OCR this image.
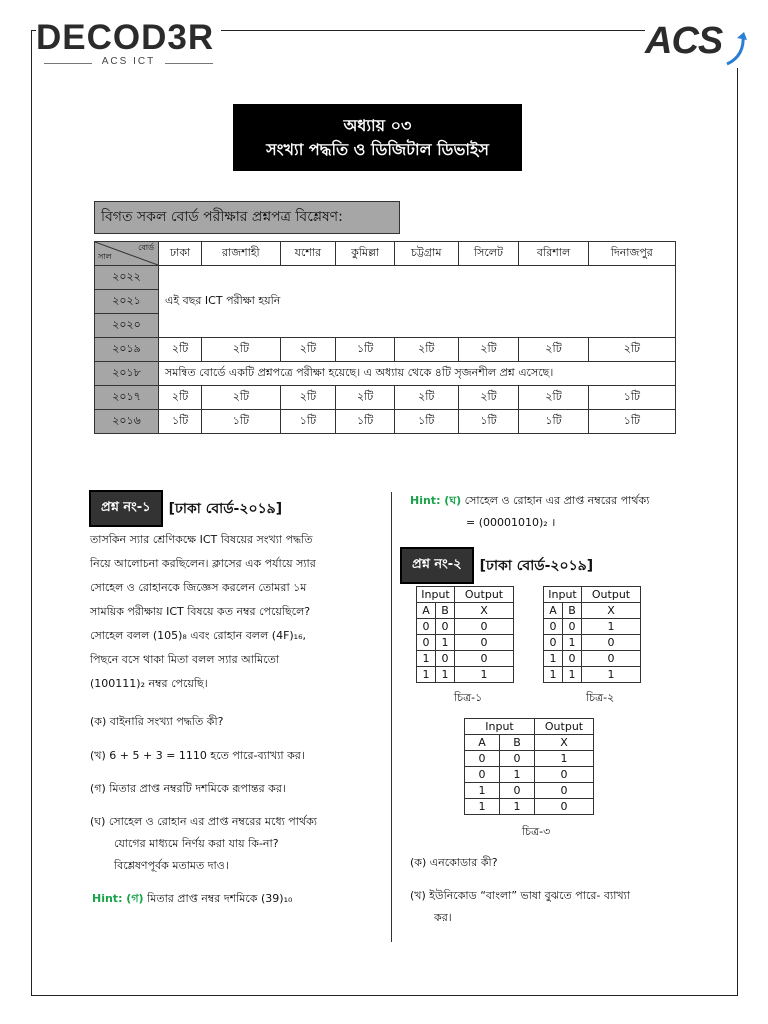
DECOD3R
ACS ICT	ACS
অধ্যায় ০৩
সংখ্যা পদ্ধতি ও ডিজিটাল ডিভাইস
বিগত সকল বোর্ড পরীক্ষার প্রশ্নপত্র বিশ্লেষণ:
বোর্ড
সাল	ঢাকা	রাজশাহী	যশোর	কুমিল্লা	চট্টগ্রাম	সিলেট	বরিশাল	দিনাজপুর
২০২২	এই বছর ICT পরীক্ষা হয়নি							
২০২১								
২০২০								
২০১৯	২টি	২টি	২টি	১টি	২টি	২টি	২টি	২টি
২০১৮	সমন্বিত বোর্ডে একটি প্রশ্নপত্রে পরীক্ষা হয়েছে। এ অধ্যায় থেকে ৪টি সৃজনশীল প্রশ্ন এসেছে।							
২০১৭	২টি	২টি	২টি	২টি	২টি	২টি	২টি	১টি
২০১৬	১টি	১টি	১টি	১টি	১টি	১টি	১টি	১টি
প্রশ্ন নং-১	[ঢাকা বোর্ড-২০১৯]
তাসকিন স্যার শ্রেণিকক্ষে ICT বিষয়ের সংখ্যা পদ্ধতি
নিয়ে আলোচনা করছিলেন। ক্লাসের এক পর্যায়ে স্যার
সোহেল ও রোহানকে জিজ্ঞেস করলেন তোমরা ১ম
সাময়িক পরীক্ষায় ICT বিষয়ে কত নম্বর পেয়েছিলে?
সোহেল বলল (105)₈ এবং রোহান বলল (4F)₁₆,
পিছনে বসে থাকা মিতা বলল স্যার আমিতো
(100111)₂ নম্বর পেয়েছি।
(ক) বাইনারি সংখ্যা পদ্ধতি কী?
(খ) 6 + 5 + 3 = 1110 হতে পারে-ব্যাখ্যা কর।
(গ) মিতার প্রাপ্ত নম্বরটি দশমিকে রূপান্তর কর।
(ঘ) সোহেল ও রোহান এর প্রাপ্ত নম্বরের মধ্যে পার্থক্য
যোগের মাধ্যমে নির্ণয় করা যায় কি-না?
বিশ্লেষণপূর্বক মতামত দাও।
Hint: (গ) মিতার প্রাপ্ত নম্বর দশমিকে (39)₁₀
Hint: (ঘ) সোহেল ও রোহান এর প্রাপ্ত নম্বরের পার্থক্য
= (00001010)₂ ।
প্রশ্ন নং-২	[ঢাকা বোর্ড-২০১৯]
Input		Output
A	B	X
0	0	0
0	1	0
1	0	0
1	1	1
চিত্র-১
Input		Output
A	B	X
0	0	1
0	1	0
1	0	0
1	1	1
চিত্র-২
Input		Output
A	B	X
0	0	1
0	1	0
1	0	0
1	1	0
চিত্র-৩
(ক) এনকোডার কী?
(খ) ইউনিকোড “বাংলা” ভাষা বুঝতে পারে- ব্যাখ্যা
কর।
